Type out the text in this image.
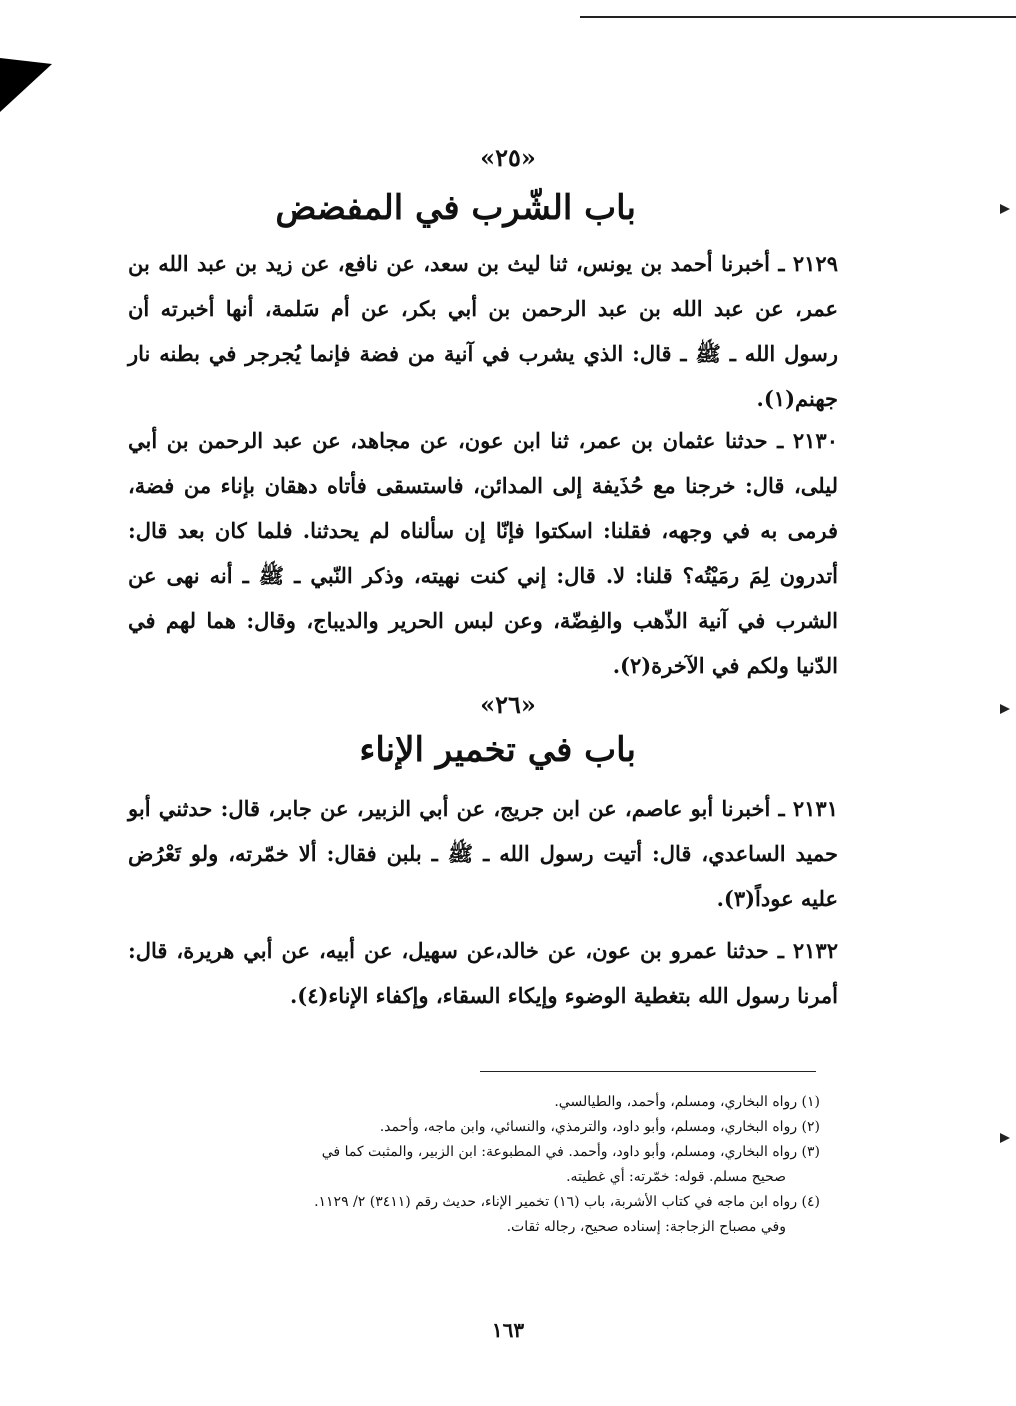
«٢٥»
باب الشّرب في المفضض

٢١٢٩ ـ أخبرنا أحمد بن يونس، ثنا ليث بن سعد، عن نافع، عن زيد بن عبد الله بن عمر، عن عبد الله بن عبد الرحمن بن أبي بكر، عن أم سَلمة، أنها أخبرته أن رسول الله ـ ﷺ ـ قال: الذي يشرب في آنية من فضة فإنما يُجرجر في بطنه نار جهنم(١).

٢١٣٠ ـ حدثنا عثمان بن عمر، ثنا ابن عون، عن مجاهد، عن عبد الرحمن بن أبي ليلى، قال: خرجنا مع حُذَيفة إلى المدائن، فاستسقى فأتاه دهقان بإناء من فضة، فرمى به في وجهه، فقلنا: اسكتوا فإنّا إن سألناه لم يحدثنا. فلما كان بعد قال: أتدرون لِمَ رمَيْتُه؟ قلنا: لا. قال: إني كنت نهيته، وذكر النّبي ـ ﷺ ـ أنه نهى عن الشرب في آنية الذّهب والفِضّة، وعن لبس الحرير والديباج، وقال: هما لهم في الدّنيا ولكم في الآخرة(٢).

«٢٦»
باب في تخمير الإناء

٢١٣١ ـ أخبرنا أبو عاصم، عن ابن جريج، عن أبي الزبير، عن جابر، قال: حدثني أبو حميد الساعدي، قال: أتيت رسول الله ـ ﷺ ـ بلبن فقال: ألا خمّرته، ولو تَعْرُض عليه عوداً(٣).

٢١٣٢ ـ حدثنا عمرو بن عون، عن خالد،عن سهيل، عن أبيه، عن أبي هريرة، قال: أمرنا رسول الله بتغطية الوضوء وإيكاء السقاء، وإكفاء الإناء(٤).

(١) رواه البخاري، ومسلم، وأحمد، والطيالسي.
(٢) رواه البخاري، ومسلم، وأبو داود، والترمذي، والنسائي، وابن ماجه، وأحمد.
(٣) رواه البخاري، ومسلم، وأبو داود، وأحمد. في المطبوعة: ابن الزبير، والمثبت كما في
صحيح مسلم. قوله: خمّرته: أي غطيته.
(٤) رواه ابن ماجه في كتاب الأشربة، باب (١٦) تخمير الإناء، حديث رقم (٣٤١١) ٢/ ١١٢٩.
وفي مصباح الزجاجة: إسناده صحيح، رجاله ثقات.
١٦٣
